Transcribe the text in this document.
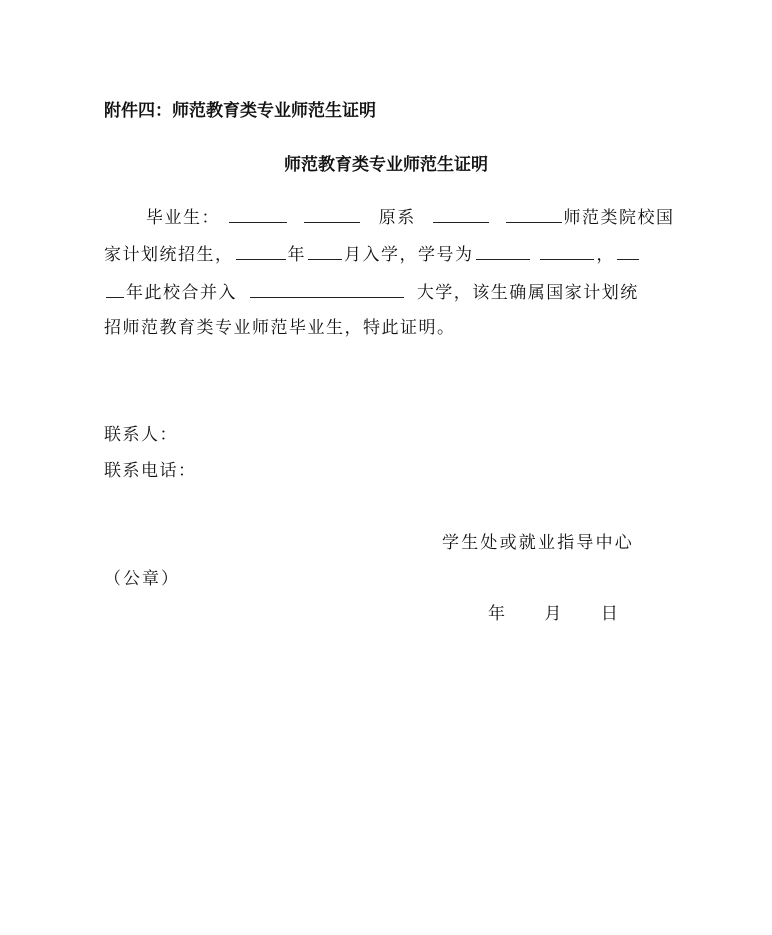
附件四：师范教育类专业师范生证明
师范教育类专业师范生证明
毕业生：	原系	师范类院校国
家计划统招生，	年 月入学，学号为	，
年此校合并入	大学，该生确属国家计划统
招师范教育类专业师范毕业生，特此证明。
联系人：
联系电话：
学生处或就业指导中心
（公章）
年 月 日
